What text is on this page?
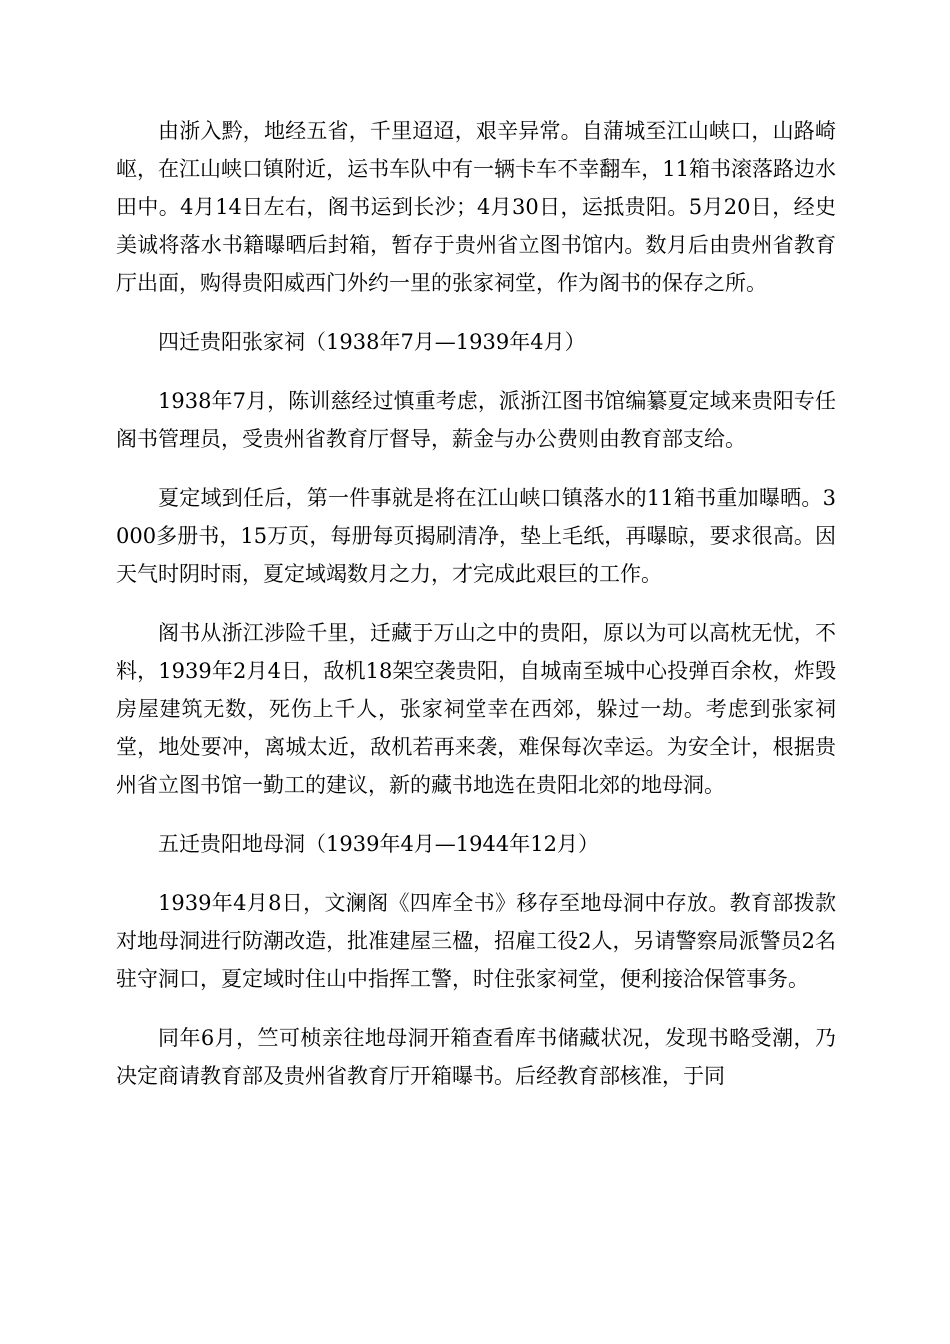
由浙入黔，地经五省，千里迢迢，艰辛异常。自蒲城至江山峡口，山路崎岖，在江山峡口镇附近，运书车队中有一辆卡车不幸翻车，11箱书滚落路边水田中。4月14日左右，阁书运到长沙；4月30日，运抵贵阳。5月20日，经史美诚将落水书籍曝晒后封箱，暂存于贵州省立图书馆内。数月后由贵州省教育厅出面，购得贵阳威西门外约一里的张家祠堂，作为阁书的保存之所。

四迁贵阳张家祠（1938年7月—1939年4月）

1938年7月，陈训慈经过慎重考虑，派浙江图书馆编纂夏定域来贵阳专任阁书管理员，受贵州省教育厅督导，薪金与办公费则由教育部支给。

夏定域到任后，第一件事就是将在江山峡口镇落水的11箱书重加曝晒。3000多册书，15万页，每册每页揭刷清净，垫上毛纸，再曝晾，要求很高。因天气时阴时雨，夏定域竭数月之力，才完成此艰巨的工作。

阁书从浙江涉险千里，迁藏于万山之中的贵阳，原以为可以高枕无忧，不料，1939年2月4日，敌机18架空袭贵阳，自城南至城中心投弹百余枚，炸毁房屋建筑无数，死伤上千人，张家祠堂幸在西郊，躲过一劫。考虑到张家祠堂，地处要冲，离城太近，敌机若再来袭，难保每次幸运。为安全计，根据贵州省立图书馆一勤工的建议，新的藏书地选在贵阳北郊的地母洞。

五迁贵阳地母洞（1939年4月—1944年12月）

1939年4月8日，文澜阁《四库全书》移存至地母洞中存放。教育部拨款对地母洞进行防潮改造，批准建屋三楹，招雇工役2人，另请警察局派警员2名驻守洞口，夏定域时住山中指挥工警，时住张家祠堂，便利接洽保管事务。

同年6月，竺可桢亲往地母洞开箱查看库书储藏状况，发现书略受潮，乃决定商请教育部及贵州省教育厅开箱曝书。后经教育部核准，于同
